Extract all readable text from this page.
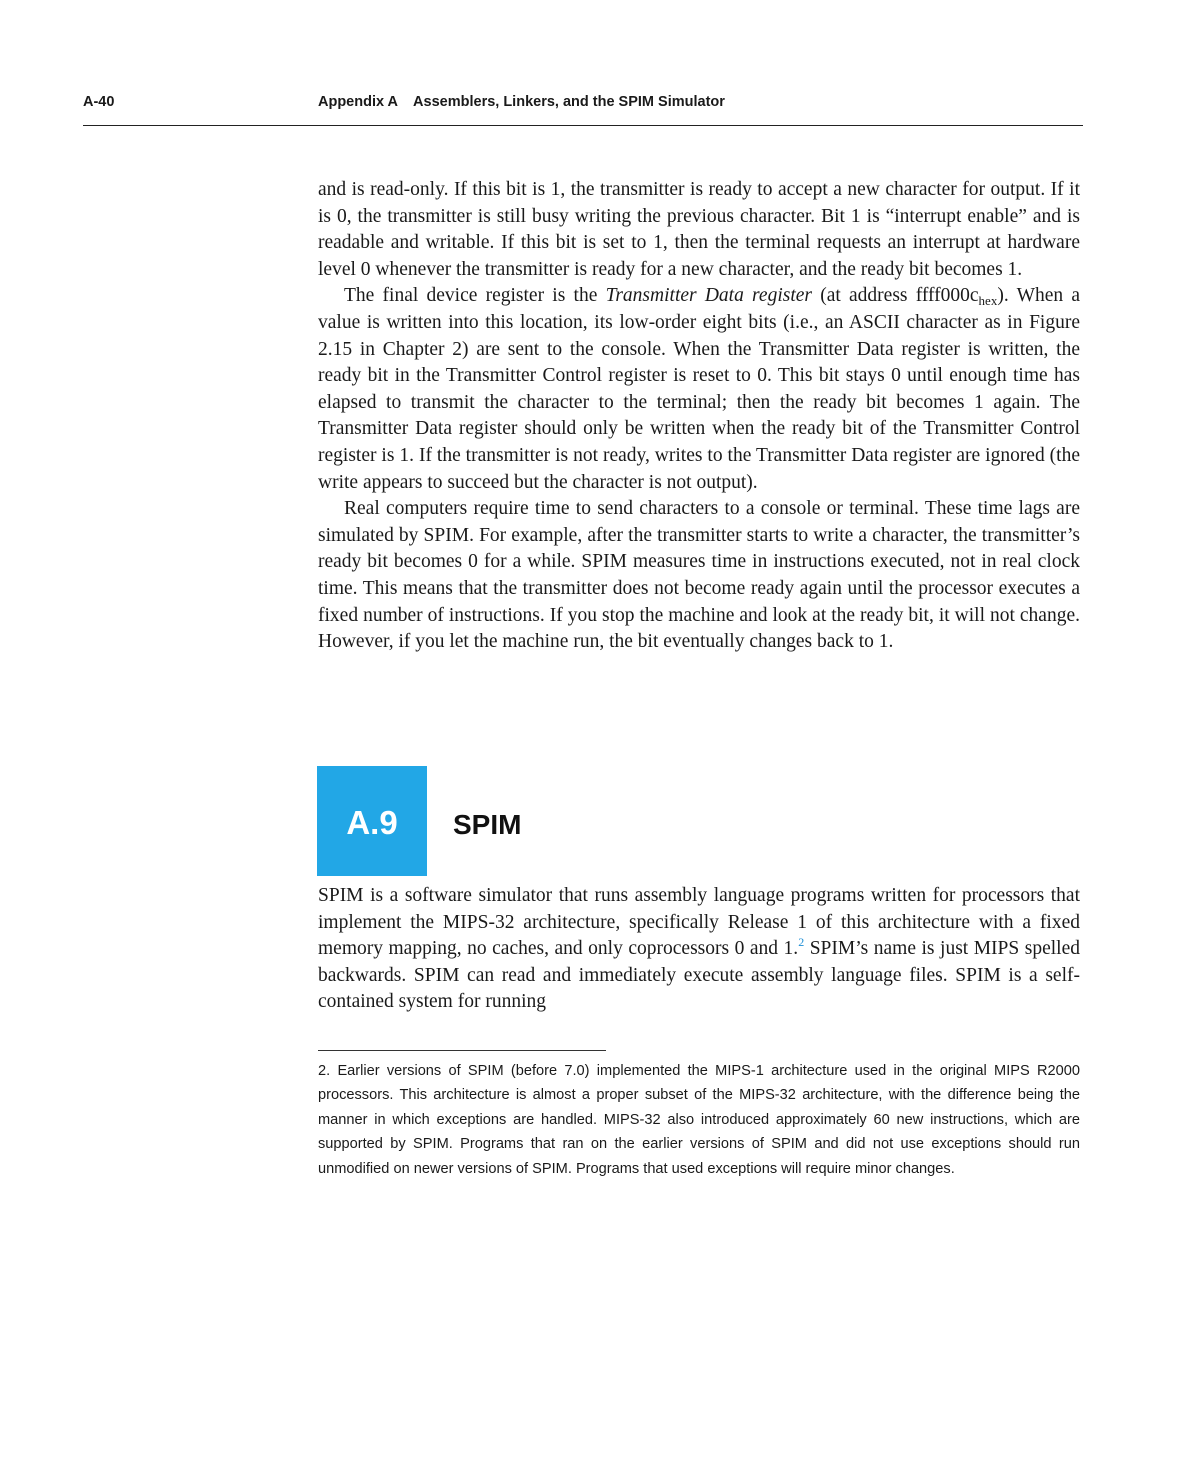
A-40	Appendix A    Assemblers, Linkers, and the SPIM Simulator

and is read-only. If this bit is 1, the transmitter is ready to accept a new character for output. If it is 0, the transmitter is still busy writing the previous character. Bit 1 is “interrupt enable” and is readable and writable. If this bit is set to 1, then the terminal requests an interrupt at hardware level 0 whenever the transmitter is ready for a new character, and the ready bit becomes 1.

The final device register is the Transmitter Data register (at address $ffff000c_{hex}$). When a value is written into this location, its low-order eight bits (i.e., an ASCII character as in Figure 2.15 in Chapter 2) are sent to the console. When the Transmitter Data register is written, the ready bit in the Transmitter Control register is reset to 0. This bit stays 0 until enough time has elapsed to transmit the character to the terminal; then the ready bit becomes 1 again. The Transmitter Data register should only be written when the ready bit of the Transmitter Control register is 1. If the transmitter is not ready, writes to the Transmitter Data register are ignored (the write appears to succeed but the character is not output).

Real computers require time to send characters to a console or terminal. These time lags are simulated by SPIM. For example, after the transmitter starts to write a character, the transmitter’s ready bit becomes 0 for a while. SPIM measures time in instructions executed, not in real clock time. This means that the transmitter does not become ready again until the processor executes a fixed number of instructions. If you stop the machine and look at the ready bit, it will not change. However, if you let the machine run, the bit eventually changes back to 1.

A.9	SPIM

SPIM is a software simulator that runs assembly language programs written for processors that implement the MIPS-32 architecture, specifically Release 1 of this architecture with a fixed memory mapping, no caches, and only coprocessors 0 and 1.$^2$ SPIM’s name is just MIPS spelled backwards. SPIM can read and immediately execute assembly language files. SPIM is a self-contained system for running

2. Earlier versions of SPIM (before 7.0) implemented the MIPS-1 architecture used in the original MIPS R2000 processors. This architecture is almost a proper subset of the MIPS-32 architecture, with the difference being the manner in which exceptions are handled. MIPS-32 also introduced approximately 60 new instructions, which are supported by SPIM. Programs that ran on the earlier versions of SPIM and did not use exceptions should run unmodified on newer versions of SPIM. Programs that used exceptions will require minor changes.
